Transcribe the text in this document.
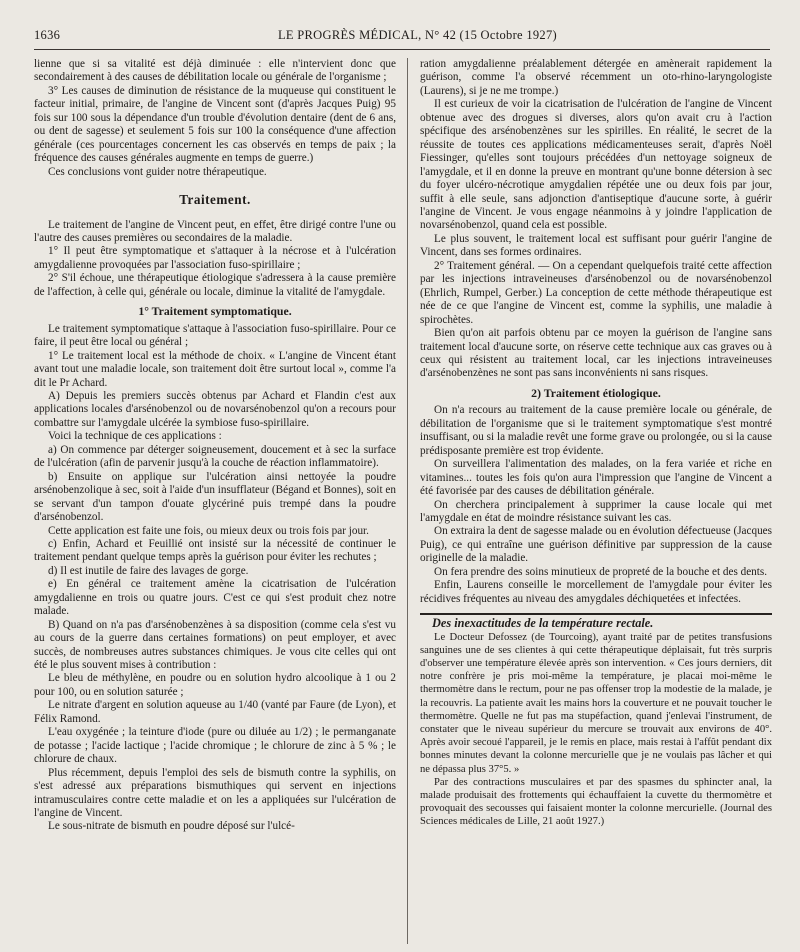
1636	LE PROGRÈS MÉDICAL, N° 42 (15 Octobre 1927)

lienne que si sa vitalité est déjà diminuée : elle n'intervient donc que secondairement à des causes de débilitation locale ou générale de l'organisme ;

3° Les causes de diminution de résistance de la muqueuse qui constituent le facteur initial, primaire, de l'angine de Vincent sont (d'après Jacques Puig) 95 fois sur 100 sous la dépendance d'un trouble d'évolution dentaire (dent de 6 ans, ou dent de sagesse) et seulement 5 fois sur 100 la conséquence d'une affection générale (ces pourcentages concernent les cas observés en temps de paix ; la fréquence des causes générales augmente en temps de guerre.)

Ces conclusions vont guider notre thérapeutique.

Traitement.

Le traitement de l'angine de Vincent peut, en effet, être dirigé contre l'une ou l'autre des causes premières ou secondaires de la maladie.

1° Il peut être symptomatique et s'attaquer à la nécrose et à l'ulcération amygdalienne provoquées par l'association fuso-spirillaire ;

2° S'il échoue, une thérapeutique étiologique s'adressera à la cause première de l'affection, à celle qui, générale ou locale, diminue la vitalité de l'amygdale.

1° Traitement symptomatique.

Le traitement symptomatique s'attaque à l'association fuso-spirillaire. Pour ce faire, il peut être local ou général ;

1° Le traitement local est la méthode de choix. « L'angine de Vincent étant avant tout une maladie locale, son traitement doit être surtout local », comme l'a dit le Pr Achard.

A) Depuis les premiers succès obtenus par Achard et Flandin c'est aux applications locales d'arsénobenzol ou de novarsénobenzol qu'on a recours pour combattre sur l'amygdale ulcérée la symbiose fuso-spirillaire.

Voici la technique de ces applications :

a) On commence par déterger soigneusement, doucement et à sec la surface de l'ulcération (afin de parvenir jusqu'à la couche de réaction inflammatoire).

b) Ensuite on applique sur l'ulcération ainsi nettoyée la poudre arsénobenzolique à sec, soit à l'aide d'un insufflateur (Bégand et Bonnes), soit en se servant d'un tampon d'ouate glycériné puis trempé dans la poudre d'arsénobenzol.

Cette application est faite une fois, ou mieux deux ou trois fois par jour.

c) Enfin, Achard et Feuillié ont insisté sur la nécessité de continuer le traitement pendant quelque temps après la guérison pour éviter les rechutes ;

d) Il est inutile de faire des lavages de gorge.

e) En général ce traitement amène la cicatrisation de l'ulcération amygdalienne en trois ou quatre jours. C'est ce qui s'est produit chez notre malade.

B) Quand on n'a pas d'arsénobenzènes à sa disposition (comme cela s'est vu au cours de la guerre dans certaines formations) on peut employer, et avec succès, de nombreuses autres substances chimiques. Je vous cite celles qui ont été le plus souvent mises à contribution :

Le bleu de méthylène, en poudre ou en solution hydro alcoolique à 1 ou 2 pour 100, ou en solution saturée ;

Le nitrate d'argent en solution aqueuse au 1/40 (vanté par Faure (de Lyon), et Félix Ramond.

L'eau oxygénée ; la teinture d'iode (pure ou diluée au 1/2) ; le permanganate de potasse ; l'acide lactique ; l'acide chromique ; le chlorure de zinc à 5 % ; le chlorure de chaux.

Plus récemment, depuis l'emploi des sels de bismuth contre la syphilis, on s'est adressé aux préparations bismuthiques qui servent en injections intramusculaires contre cette maladie et on les a appliquées sur l'ulcération de l'angine de Vincent.

Le sous-nitrate de bismuth en poudre déposé sur l'ulcé-

ration amygdalienne préalablement détergée en amènerait rapidement la guérison, comme l'a observé récemment un oto-rhino-laryngologiste (Laurens), si je ne me trompe.)

Il est curieux de voir la cicatrisation de l'ulcération de l'angine de Vincent obtenue avec des drogues si diverses, alors qu'on avait cru à l'action spécifique des arsénobenzènes sur les spirilles. En réalité, le secret de la réussite de toutes ces applications médicamenteuses serait, d'après Noël Fiessinger, qu'elles sont toujours précédées d'un nettoyage soigneux de l'amygdale, et il en donne la preuve en montrant qu'une bonne détersion à sec du foyer ulcéro-nécrotique amygdalien répétée une ou deux fois par jour, suffit à elle seule, sans adjonction d'antiseptique d'aucune sorte, à guérir l'angine de Vincent. Je vous engage néanmoins à y joindre l'application de novarsénobenzol, quand cela est possible.

Le plus souvent, le traitement local est suffisant pour guérir l'angine de Vincent, dans ses formes ordinaires.

2° Traitement général. — On a cependant quelquefois traité cette affection par les injections intraveineuses d'arsénobenzol ou de novarsénobenzol (Ehrlich, Rumpel, Gerber.) La conception de cette méthode thérapeutique est née de ce que l'angine de Vincent est, comme la syphilis, une maladie à spirochètes.

Bien qu'on ait parfois obtenu par ce moyen la guérison de l'angine sans traitement local d'aucune sorte, on réserve cette technique aux cas graves ou à ceux qui résistent au traitement local, car les injections intraveineuses d'arsénobenzènes ne sont pas sans inconvénients ni sans risques.

2) Traitement étiologique.

On n'a recours au traitement de la cause première locale ou générale, de débilitation de l'organisme que si le traitement symptomatique s'est montré insuffisant, ou si la maladie revêt une forme grave ou prolongée, ou si la cause prédisposante première est trop évidente.

On surveillera l'alimentation des malades, on la fera variée et riche en vitamines... toutes les fois qu'on aura l'impression que l'angine de Vincent a été favorisée par des causes de débilitation générale.

On cherchera principalement à supprimer la cause locale qui met l'amygdale en état de moindre résistance suivant les cas.

On extraira la dent de sagesse malade ou en évolution défectueuse (Jacques Puig), ce qui entraîne une guérison définitive par suppression de la cause originelle de la maladie.

On fera prendre des soins minutieux de propreté de la bouche et des dents.

Enfin, Laurens conseille le morcellement de l'amygdale pour éviter les récidives fréquentes au niveau des amygdales déchiquetées et infectées.

Des inexactitudes de la température rectale.

Le Docteur Defossez (de Tourcoing), ayant traité par de petites transfusions sanguines une de ses clientes à qui cette thérapeutique déplaisait, fut très surpris d'observer une température élevée après son intervention. « Ces jours derniers, dit notre confrère je pris moi-même la température, je placai moi-même le thermomètre dans le rectum, pour ne pas offenser trop la modestie de la malade, je la recouvris. La patiente avait les mains hors la couverture et ne pouvait toucher le thermomètre. Quelle ne fut pas ma stupéfaction, quand j'enlevai l'instrument, de constater que le niveau supérieur du mercure se trouvait aux environs de 40°. Après avoir secoué l'appareil, je le remis en place, mais restai à l'affût pendant dix bonnes minutes devant la colonne mercurielle que je ne voulais pas lâcher et qui ne dépassa plus 37°5. »

Par des contractions musculaires et par des spasmes du sphincter anal, la malade produisait des frottements qui échauffaient la cuvette du thermomètre et provoquait des secousses qui faisaient monter la colonne mercurielle. (Journal des Sciences médicales de Lille, 21 août 1927.)
